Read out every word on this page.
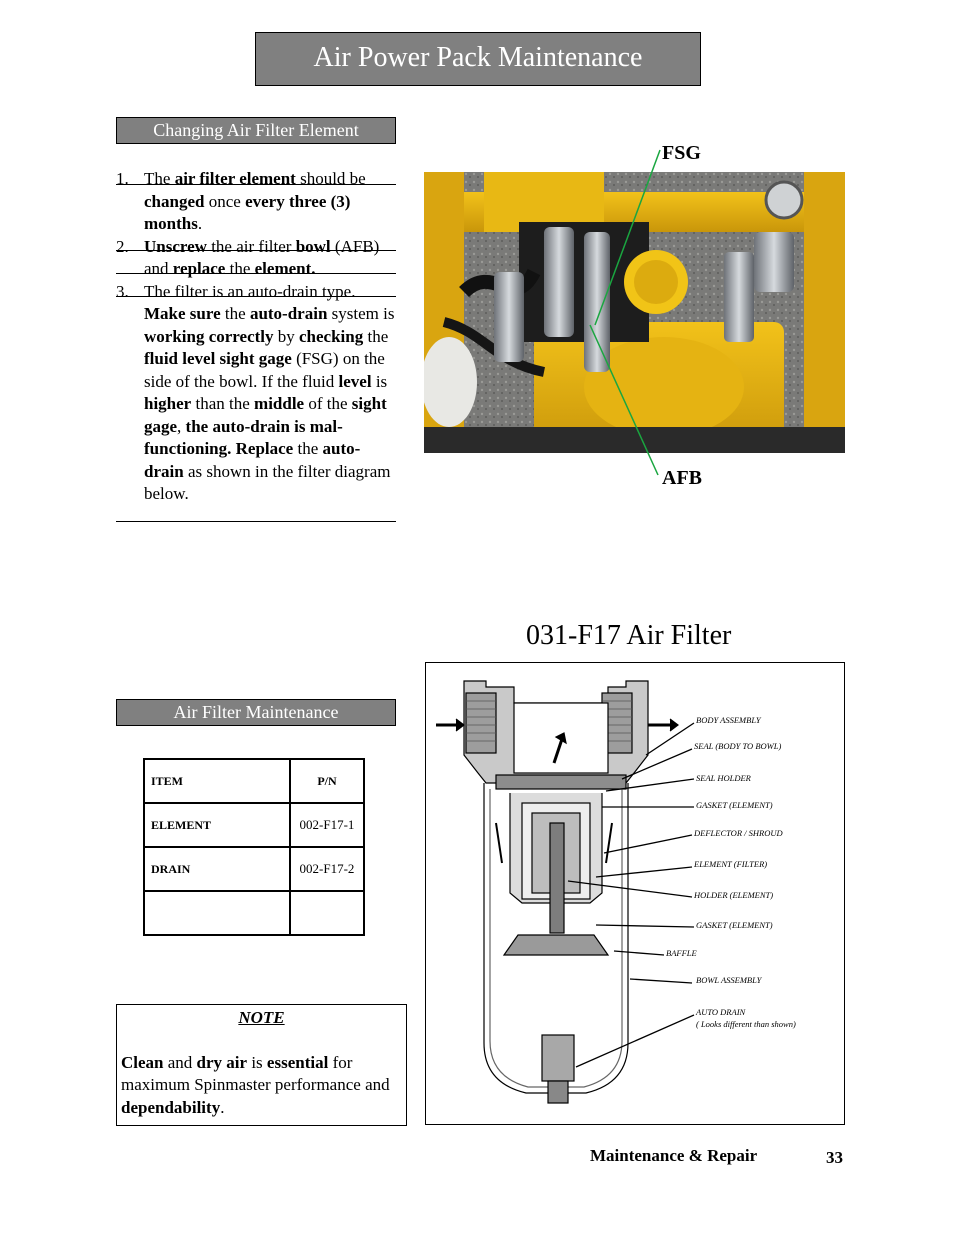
Air Power Pack Maintenance
Changing Air Filter Element
1. The air filter element should be changed once every three (3) months.
2. Unscrew the air filter bowl (AFB) and replace the element.
3. The filter is an auto-drain type. Make sure the auto-drain system is working correctly by checking the fluid level sight gage (FSG) on the side of the bowl. If the fluid level is higher than the middle of the sight gage, the auto-drain is mal-functioning. Replace the auto-drain as shown in the filter diagram below.
FSG
AFB
031-F17 Air Filter
BODY ASSEMBLY
SEAL (BODY TO BOWL)
SEAL HOLDER
GASKET (ELEMENT)
DEFLECTOR / SHROUD
ELEMENT (FILTER)
HOLDER (ELEMENT)
GASKET (ELEMENT)
BAFFLE
BOWL ASSEMBLY
AUTO DRAIN
( Looks different than shown)
Air Filter Maintenance
ITEM	P/N
ELEMENT	002-F17-1
DRAIN	002-F17-2

NOTE
Clean and dry air is essential for maximum Spinmaster performance and dependability.
Maintenance & Repair	33
